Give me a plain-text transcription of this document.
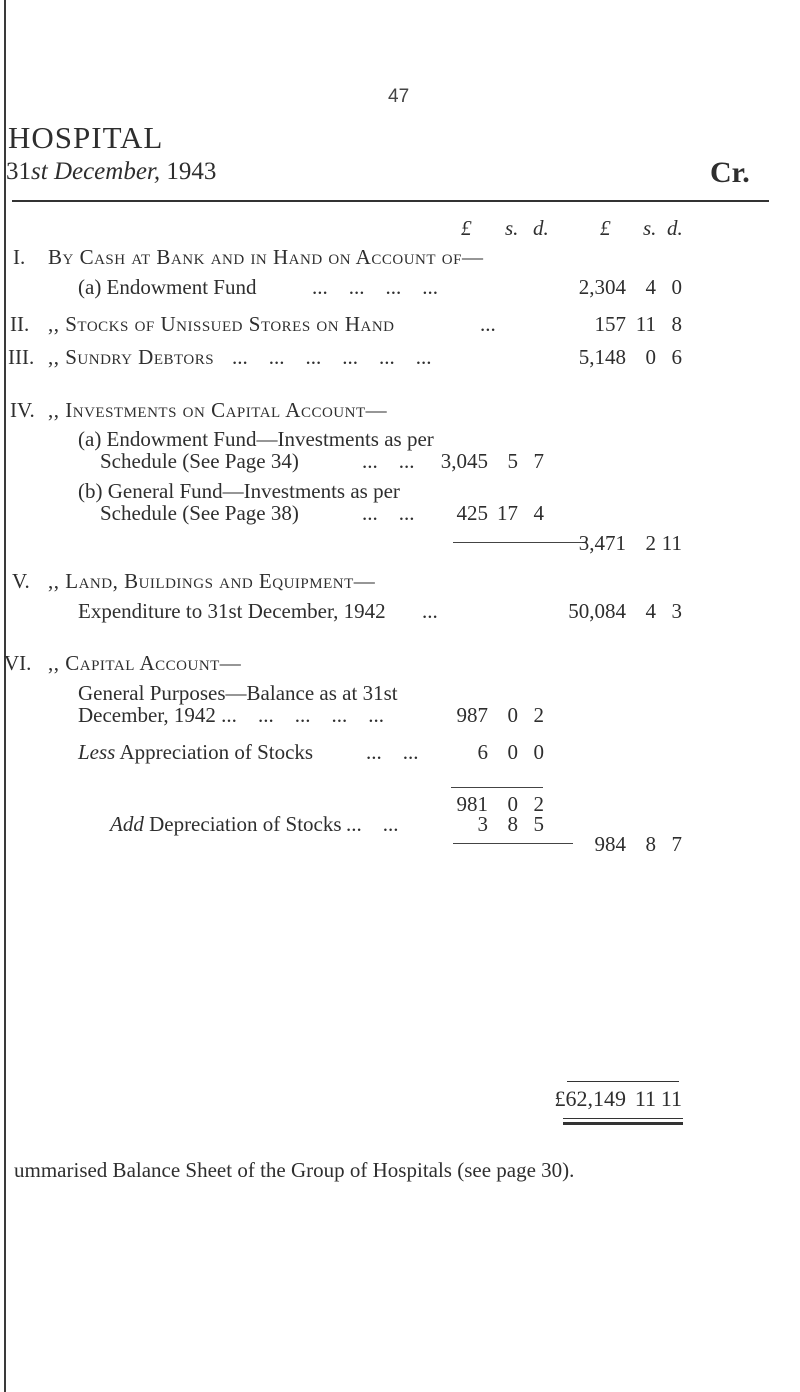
47
HOSPITAL
31st December, 1943	Cr.
£ s. d. £ s. d.
I. By Cash at Bank and in Hand on Account of—
(a) Endowment Fund	...    ...    ...    ...	2,304 4 0
II. ,, Stocks of Unissued Stores on Hand	...	157 11 8
III. ,, Sundry Debtors ...    ...    ...    ...    ...    ...	5,148 0 6
IV. ,, Investments on Capital Account—
(a) Endowment Fund—Investments as per
Schedule (See Page 34)	...    ... 3,045 5 7
(b) General Fund—Investments as per
Schedule (See Page 38)	...    ... 425 17 4
3,471 2 11
V. ,, Land, Buildings and Equipment—
Expenditure to 31st December, 1942 ...	50,084 4 3
VI. ,, Capital Account—
General Purposes—Balance as at 31st
December, 1942 ... ...    ...    ...    ...	987 0 2
Less Appreciation of Stocks	...    ...	6 0 0
981 0 2
Add Depreciation of Stocks ...    ...	3 8 5
984 8 7
£62,149 11 11
ummarised Balance Sheet of the Group of Hospitals (see page 30).
